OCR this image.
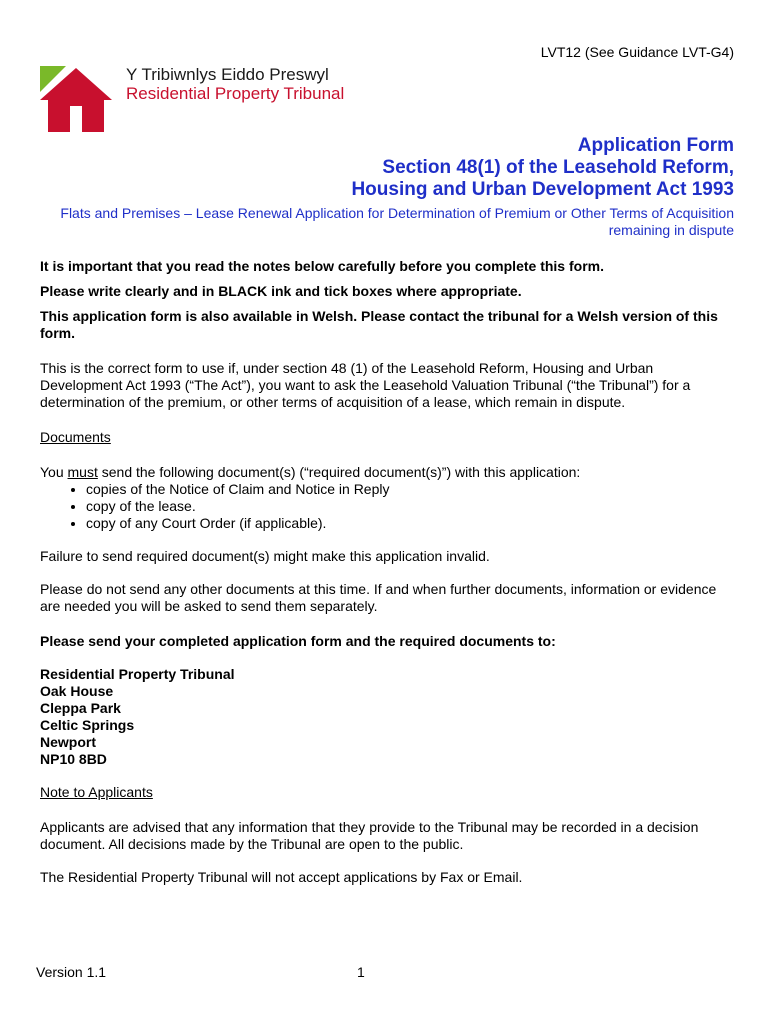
LVT12 (See Guidance LVT-G4)
Y Tribiwnlys Eiddo Preswyl
Residential Property Tribunal
Application Form
Section 48(1) of the Leasehold Reform,
Housing and Urban Development Act 1993
Flats and Premises – Lease Renewal Application for Determination of Premium or Other Terms of Acquisition remaining in dispute

It is important that you read the notes below carefully before you complete this form.

Please write clearly and in BLACK ink and tick boxes where appropriate.

This application form is also available in Welsh. Please contact the tribunal for a Welsh version of this form.

This is the correct form to use if, under section 48 (1) of the Leasehold Reform, Housing and Urban Development Act 1993 (“The Act”), you want to ask the Leasehold Valuation Tribunal (“the Tribunal”) for a determination of the premium, or other terms of acquisition of a lease, which remain in dispute.

Documents

You must send the following document(s) (“required document(s)”) with this application:

• copies of the Notice of Claim and Notice in Reply
• copy of the lease.
• copy of any Court Order (if applicable).

Failure to send required document(s) might make this application invalid.

Please do not send any other documents at this time. If and when further documents, information or evidence are needed you will be asked to send them separately.

Please send your completed application form and the required documents to:

Residential Property Tribunal
Oak House
Cleppa Park
Celtic Springs
Newport
NP10 8BD

Note to Applicants

Applicants are advised that any information that they provide to the Tribunal may be recorded in a decision document. All decisions made by the Tribunal are open to the public.

The Residential Property Tribunal will not accept applications by Fax or Email.

Version 1.1	1
